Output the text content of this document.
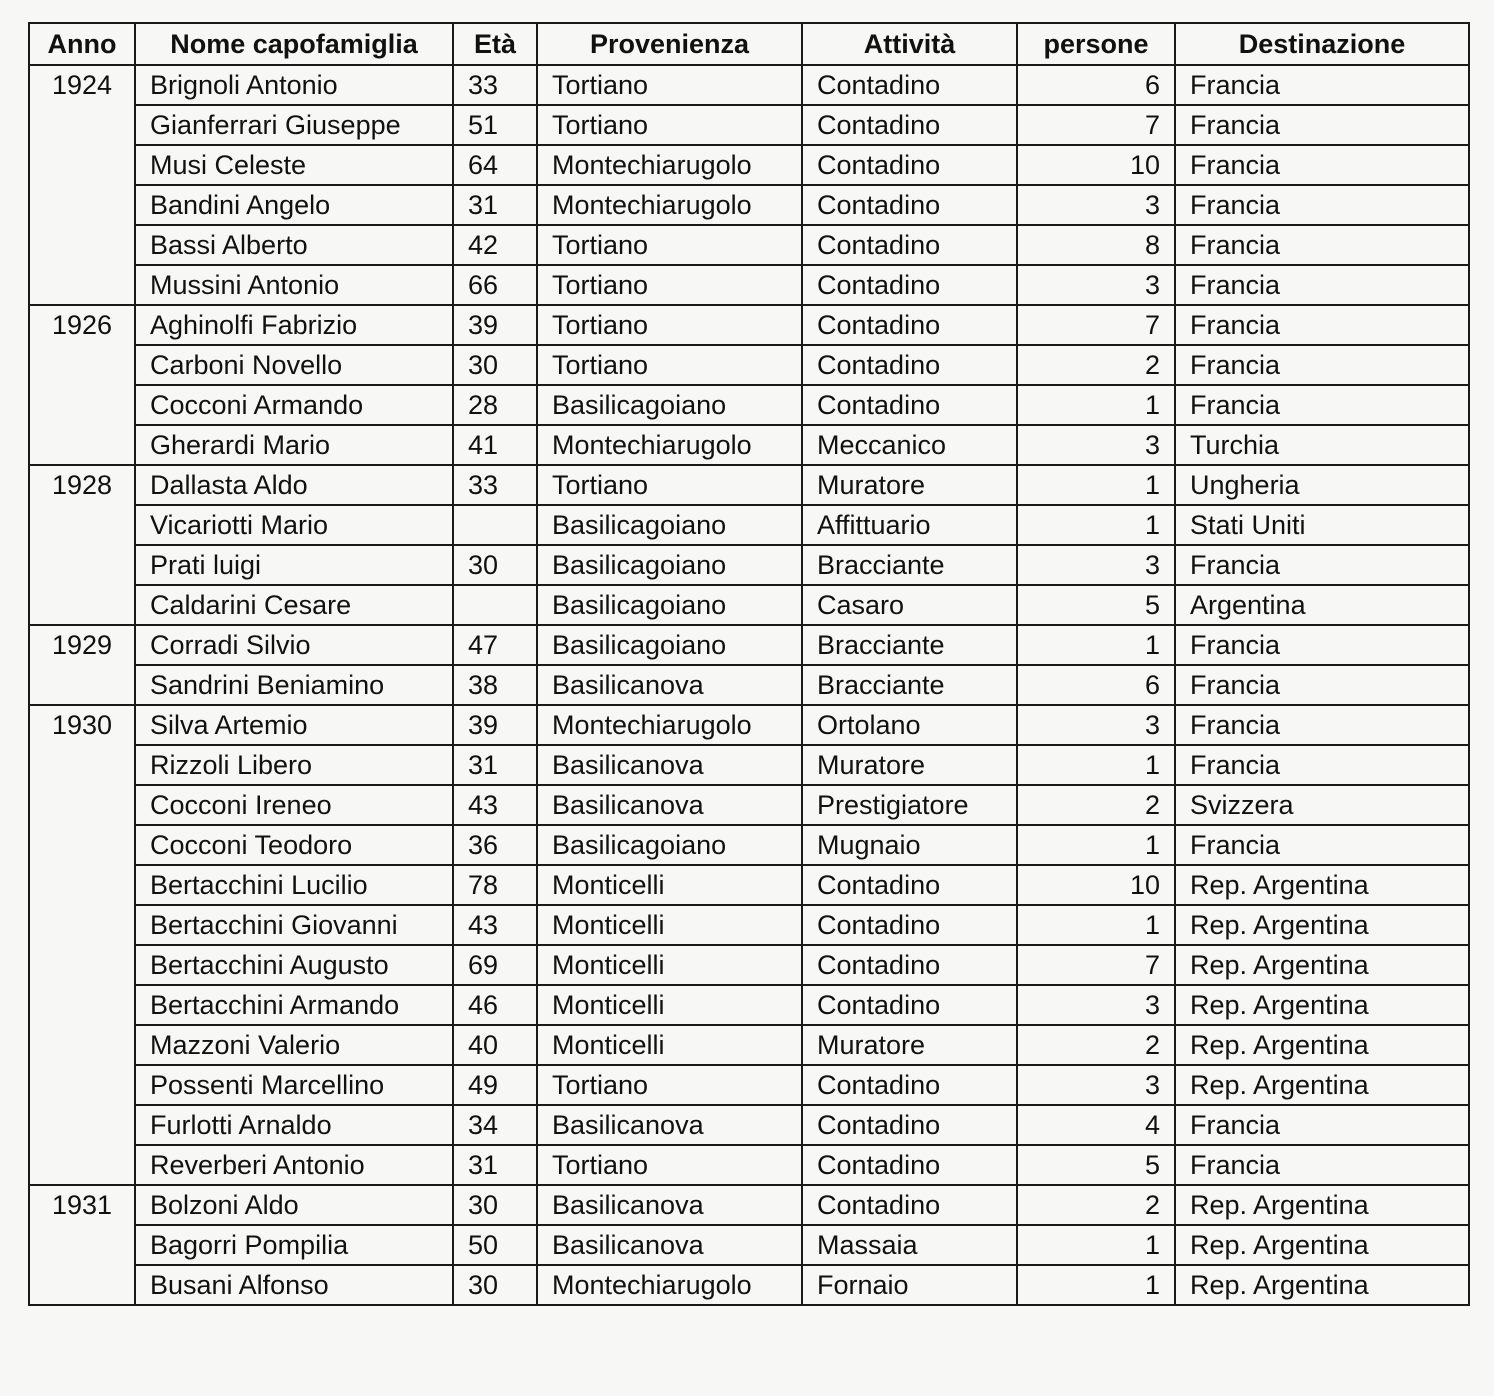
Anno	Nome capofamiglia	Età	Provenienza	Attività	persone	Destinazione
1924	Brignoli Antonio	33	Tortiano	Contadino	6	Francia
	Gianferrari Giuseppe	51	Tortiano	Contadino	7	Francia
	Musi Celeste	64	Montechiarugolo	Contadino	10	Francia
	Bandini Angelo	31	Montechiarugolo	Contadino	3	Francia
	Bassi Alberto	42	Tortiano	Contadino	8	Francia
	Mussini Antonio	66	Tortiano	Contadino	3	Francia
1926	Aghinolfi Fabrizio	39	Tortiano	Contadino	7	Francia
	Carboni Novello	30	Tortiano	Contadino	2	Francia
	Cocconi Armando	28	Basilicagoiano	Contadino	1	Francia
	Gherardi Mario	41	Montechiarugolo	Meccanico	3	Turchia
1928	Dallasta Aldo	33	Tortiano	Muratore	1	Ungheria
	Vicariotti Mario		Basilicagoiano	Affittuario	1	Stati Uniti
	Prati luigi	30	Basilicagoiano	Bracciante	3	Francia
	Caldarini Cesare		Basilicagoiano	Casaro	5	Argentina
1929	Corradi Silvio	47	Basilicagoiano	Bracciante	1	Francia
	Sandrini Beniamino	38	Basilicanova	Bracciante	6	Francia
1930	Silva Artemio	39	Montechiarugolo	Ortolano	3	Francia
	Rizzoli Libero	31	Basilicanova	Muratore	1	Francia
	Cocconi Ireneo	43	Basilicanova	Prestigiatore	2	Svizzera
	Cocconi Teodoro	36	Basilicagoiano	Mugnaio	1	Francia
	Bertacchini Lucilio	78	Monticelli	Contadino	10	Rep. Argentina
	Bertacchini Giovanni	43	Monticelli	Contadino	1	Rep. Argentina
	Bertacchini Augusto	69	Monticelli	Contadino	7	Rep. Argentina
	Bertacchini Armando	46	Monticelli	Contadino	3	Rep. Argentina
	Mazzoni Valerio	40	Monticelli	Muratore	2	Rep. Argentina
	Possenti Marcellino	49	Tortiano	Contadino	3	Rep. Argentina
	Furlotti Arnaldo	34	Basilicanova	Contadino	4	Francia
	Reverberi Antonio	31	Tortiano	Contadino	5	Francia
1931	Bolzoni Aldo	30	Basilicanova	Contadino	2	Rep. Argentina
	Bagorri Pompilia	50	Basilicanova	Massaia	1	Rep. Argentina
	Busani Alfonso	30	Montechiarugolo	Fornaio	1	Rep. Argentina
